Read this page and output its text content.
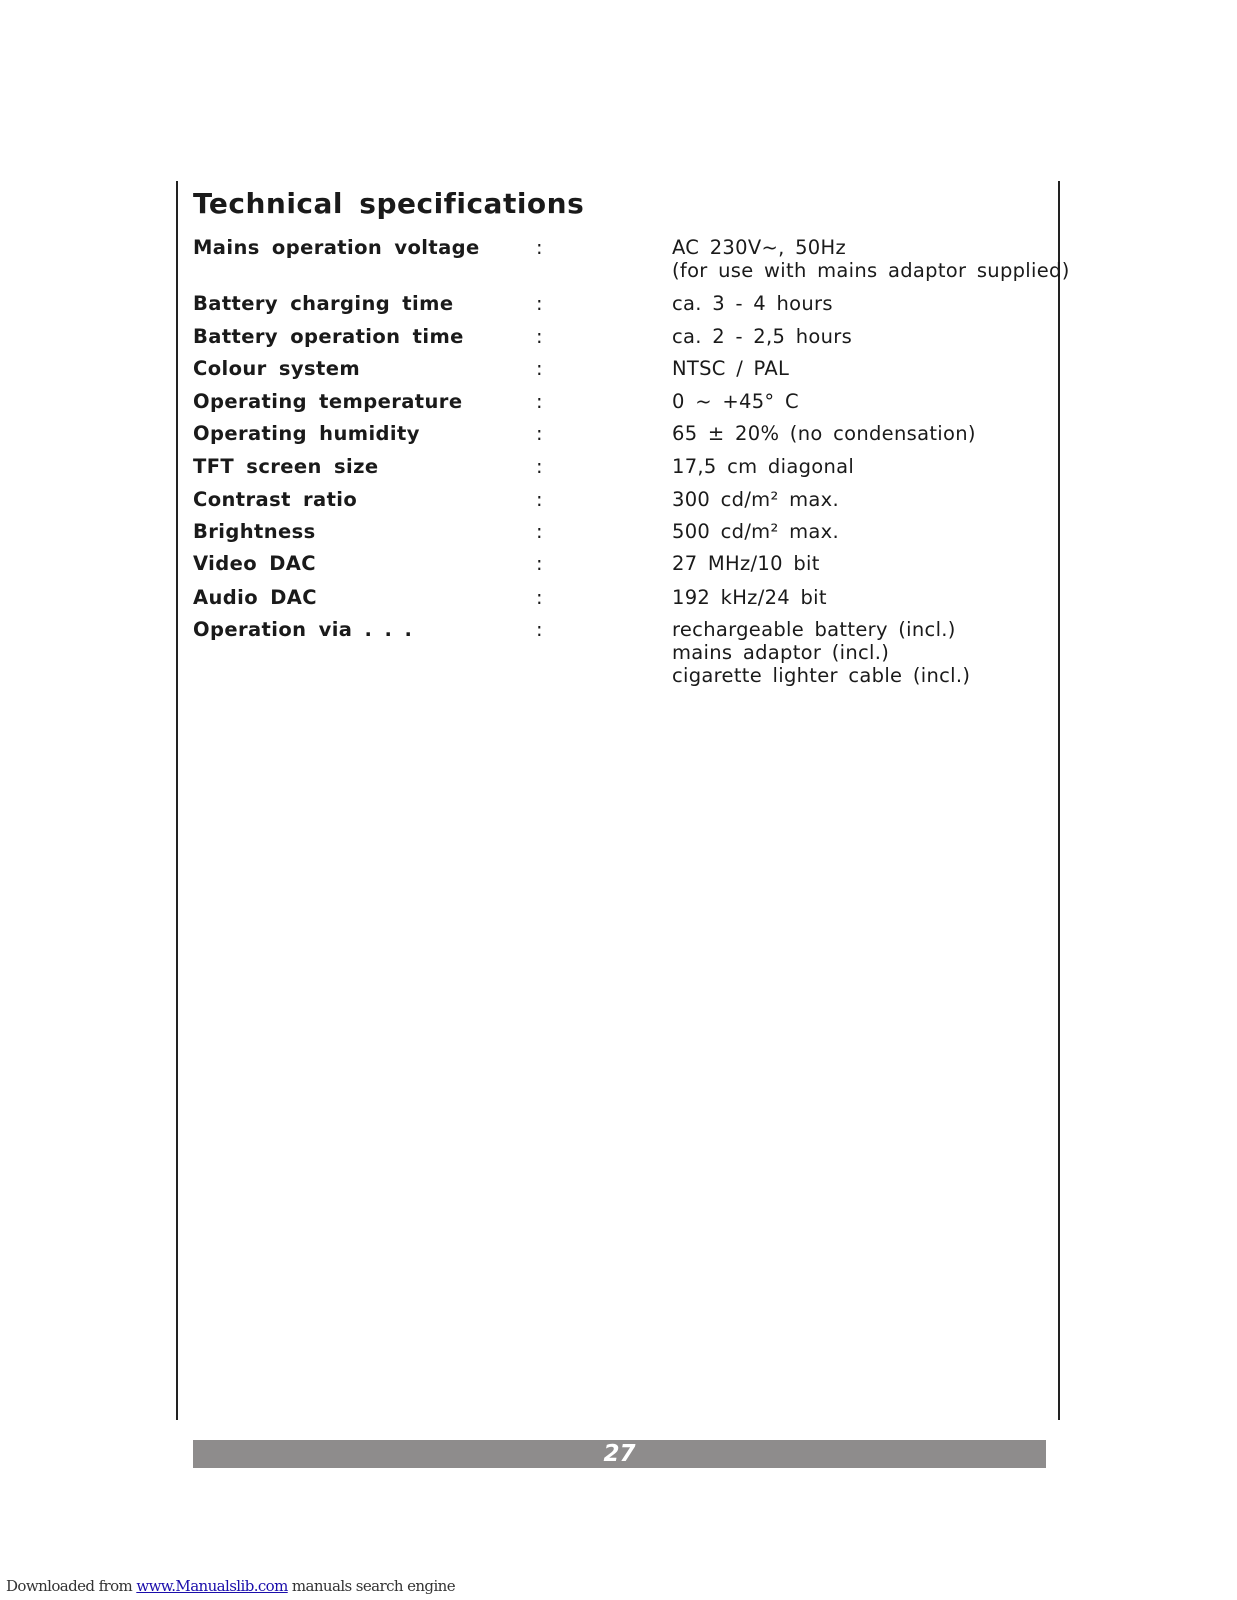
Technical specifications
Mains operation voltage	:	AC 230V~, 50Hz
(for use with mains adaptor supplied)
Battery charging time	:	ca. 3 - 4 hours
Battery operation time	:	ca. 2 - 2,5 hours
Colour system	:	NTSC / PAL
Operating temperature	:	0 ~ +45° C
Operating humidity	:	65 ± 20% (no condensation)
TFT screen size	:	17,5 cm diagonal
Contrast ratio	:	300 cd/m² max.
Brightness	:	500 cd/m² max.
Video DAC	:	27 MHz/10 bit
Audio DAC	:	192 kHz/24 bit
Operation via . . .	:	rechargeable battery (incl.)
mains adaptor (incl.)
cigarette lighter cable (incl.)
27
Downloaded from www.Manualslib.com manuals search engine
